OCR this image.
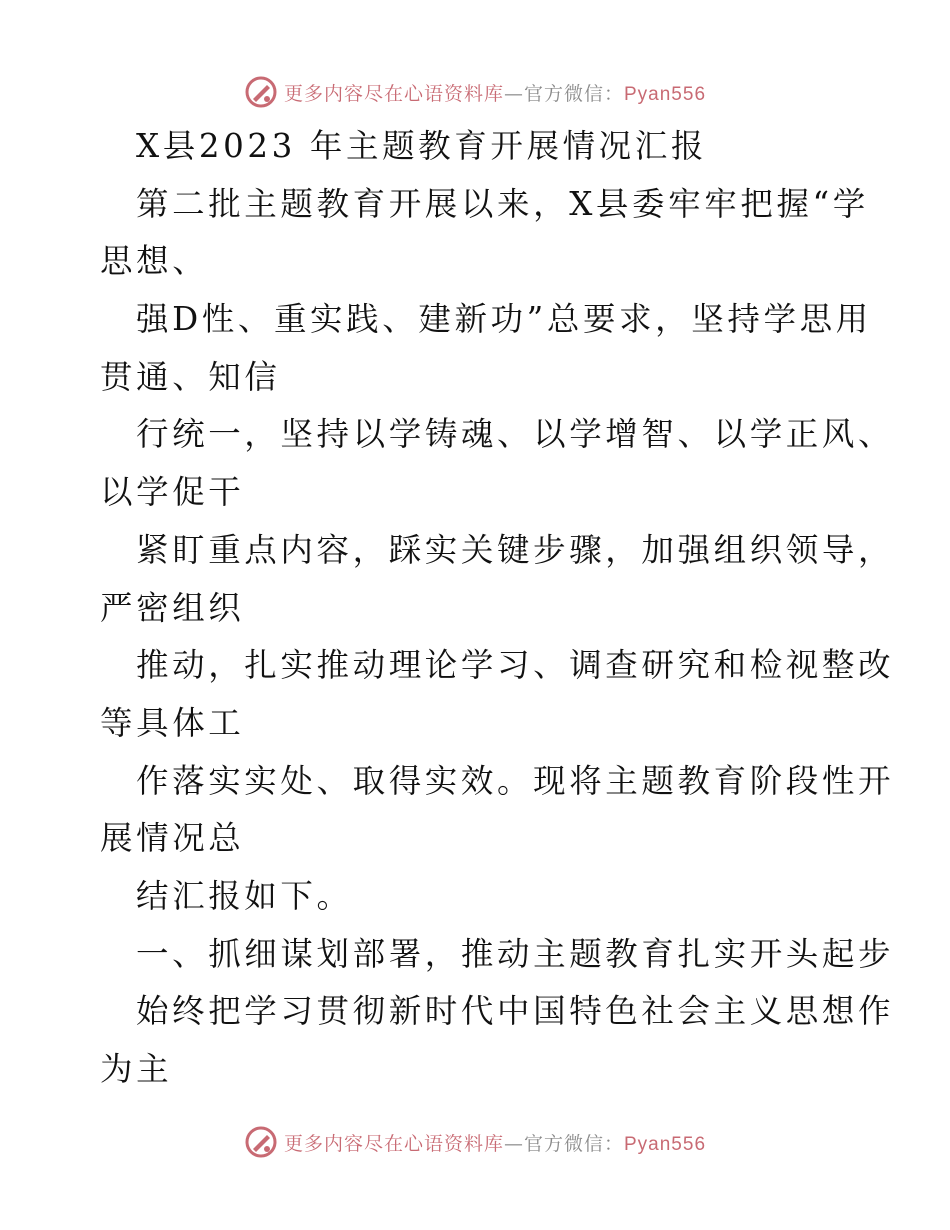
更多内容尽在心语资料库—官方微信：Pyan556
X县2023 年主题教育开展情况汇报
第二批主题教育开展以来，X县委牢牢把握“学
思想、
强D性、重实践、建新功”总要求，坚持学思用
贯通、知信
行统一，坚持以学铸魂、以学增智、以学正风、
以学促干
紧盯重点内容，踩实关键步骤，加强组织领导，
严密组织
推动，扎实推动理论学习、调查研究和检视整改
等具体工
作落实实处、取得实效。现将主题教育阶段性开
展情况总
结汇报如下。
一、抓细谋划部署，推动主题教育扎实开头起步
始终把学习贯彻新时代中国特色社会主义思想作
为主
更多内容尽在心语资料库—官方微信：Pyan556
